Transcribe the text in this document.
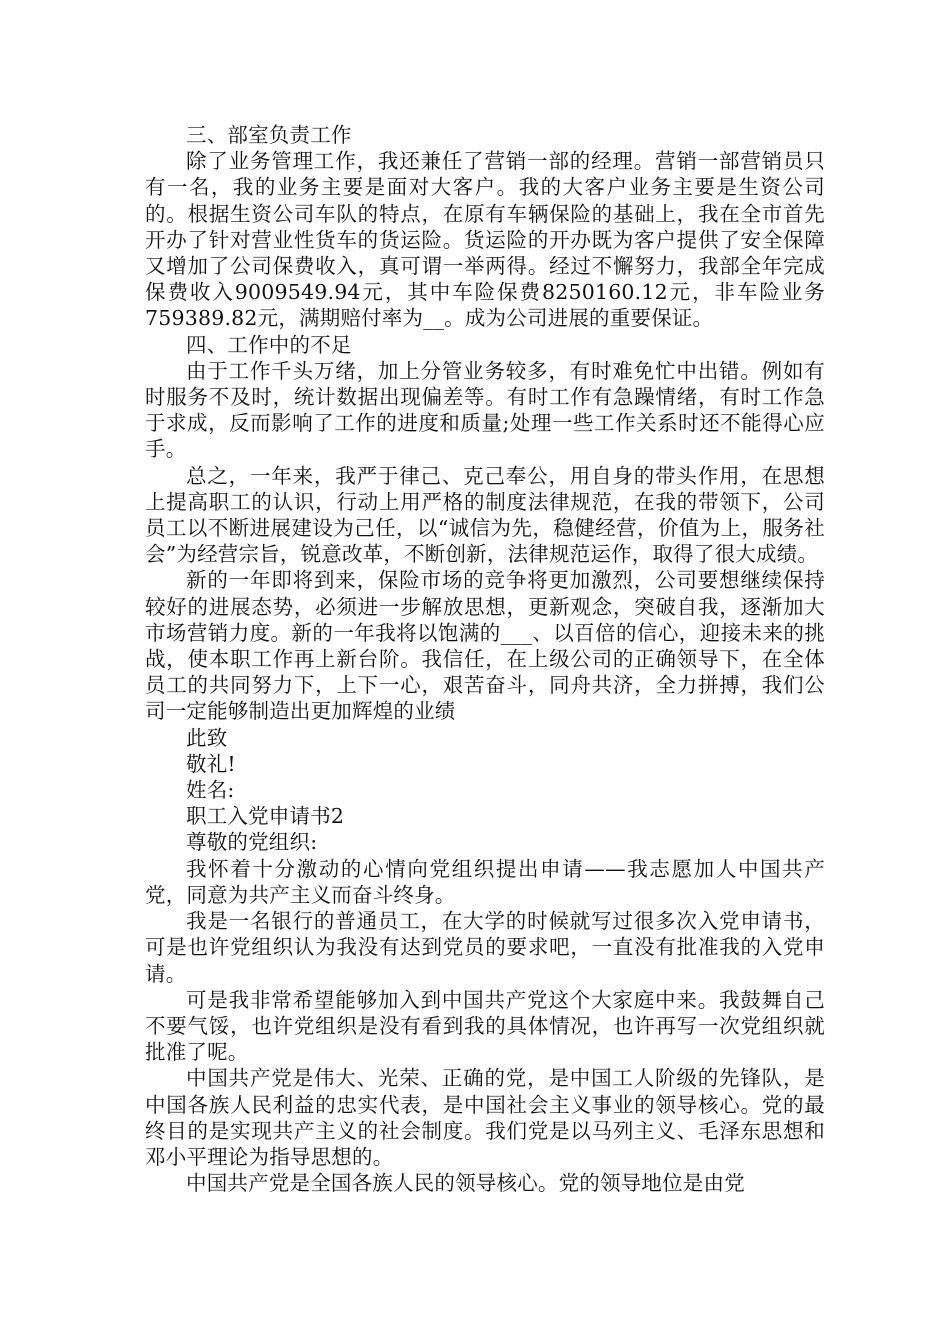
三、部室负责工作

除了业务管理工作，我还兼任了营销一部的经理。营销一部营销员只有一名，我的业务主要是面对大客户。我的大客户业务主要是生资公司的。根据生资公司车队的特点，在原有车辆保险的基础上，我在全市首先开办了针对营业性货车的货运险。货运险的开办既为客户提供了安全保障又增加了公司保费收入，真可谓一举两得。经过不懈努力，我部全年完成保费收入9009549.94元，其中车险保费8250160.12元，非车险业务759389.82元，满期赔付率为__。成为公司进展的重要保证。

四、工作中的不足

由于工作千头万绪，加上分管业务较多，有时难免忙中出错。例如有时服务不及时，统计数据出现偏差等。有时工作有急躁情绪，有时工作急于求成，反而影响了工作的进度和质量;处理一些工作关系时还不能得心应手。

总之，一年来，我严于律己、克己奉公，用自身的带头作用，在思想上提高职工的认识，行动上用严格的制度法律规范，在我的带领下，公司员工以不断进展建设为己任，以“诚信为先，稳健经营，价值为上，服务社会”为经营宗旨，锐意改革，不断创新，法律规范运作，取得了很大成绩。

新的一年即将到来，保险市场的竞争将更加激烈，公司要想继续保持较好的进展态势，必须进一步解放思想，更新观念，突破自我，逐渐加大市场营销力度。新的一年我将以饱满的___、以百倍的信心，迎接未来的挑战，使本职工作再上新台阶。我信任，在上级公司的正确领导下，在全体员工的共同努力下，上下一心，艰苦奋斗，同舟共济，全力拼搏，我们公司一定能够制造出更加辉煌的业绩

此致

敬礼!

姓名:

职工入党申请书2

尊敬的党组织:

我怀着十分激动的心情向党组织提出申请——我志愿加人中国共产党，同意为共产主义而奋斗终身。

我是一名银行的普通员工，在大学的时候就写过很多次入党申请书，可是也许党组织认为我没有达到党员的要求吧，一直没有批准我的入党申请。

可是我非常希望能够加入到中国共产党这个大家庭中来。我鼓舞自己不要气馁，也许党组织是没有看到我的具体情况，也许再写一次党组织就批准了呢。

中国共产党是伟大、光荣、正确的党，是中国工人阶级的先锋队，是中国各族人民利益的忠实代表，是中国社会主义事业的领导核心。党的最终目的是实现共产主义的社会制度。我们党是以马列主义、毛泽东思想和邓小平理论为指导思想的。

中国共产党是全国各族人民的领导核心。党的领导地位是由党
